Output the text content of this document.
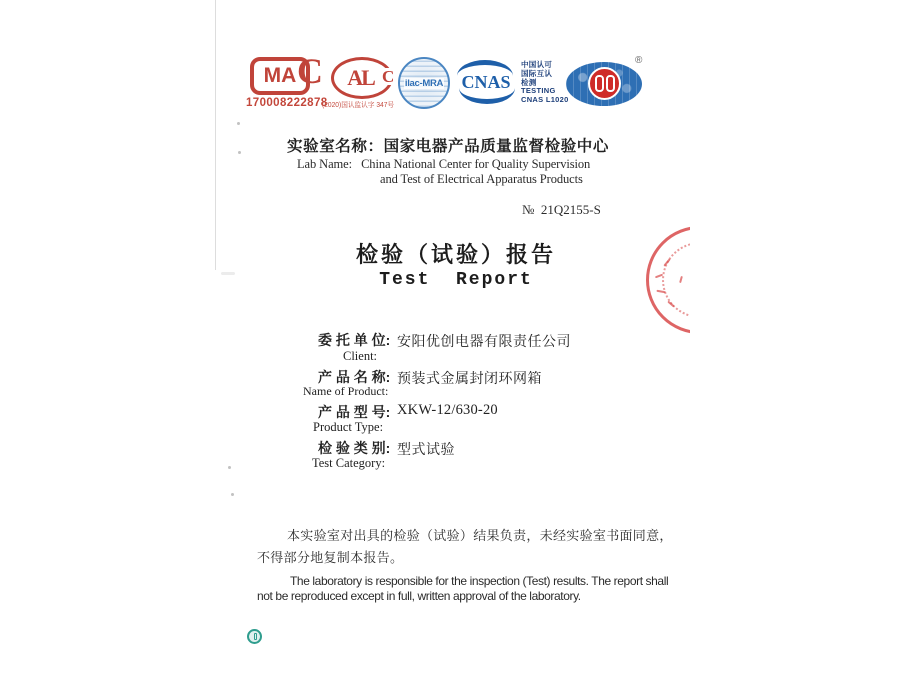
MA C
170008222878
AL C
(2020)国认监认字 347号
ilac-MRA	CNAS
中国认可
国际互认
检测
TESTING
CNAS L1020
®
实验室名称：国家电器产品质量监督检验中心
Lab Name:   China National Center for Quality Supervision
and Test of Electrical Apparatus Products
№  21Q2155-S
检验（试验）报告
Test  Report
委 托 单 位: 安阳优创电器有限责任公司
Client:
产 品 名 称: 预装式金属封闭环网箱
Name of Product:
产 品 型 号: XKW-12/630-20
Product Type:
检 验 类 别: 型式试验
Test Category:
本实验室对出具的检验（试验）结果负责，未经实验室书面同意，
不得部分地复制本报告。
The laboratory is responsible for the inspection (Test) results. The report shall
not be reproduced except in full, written approval of the laboratory.
